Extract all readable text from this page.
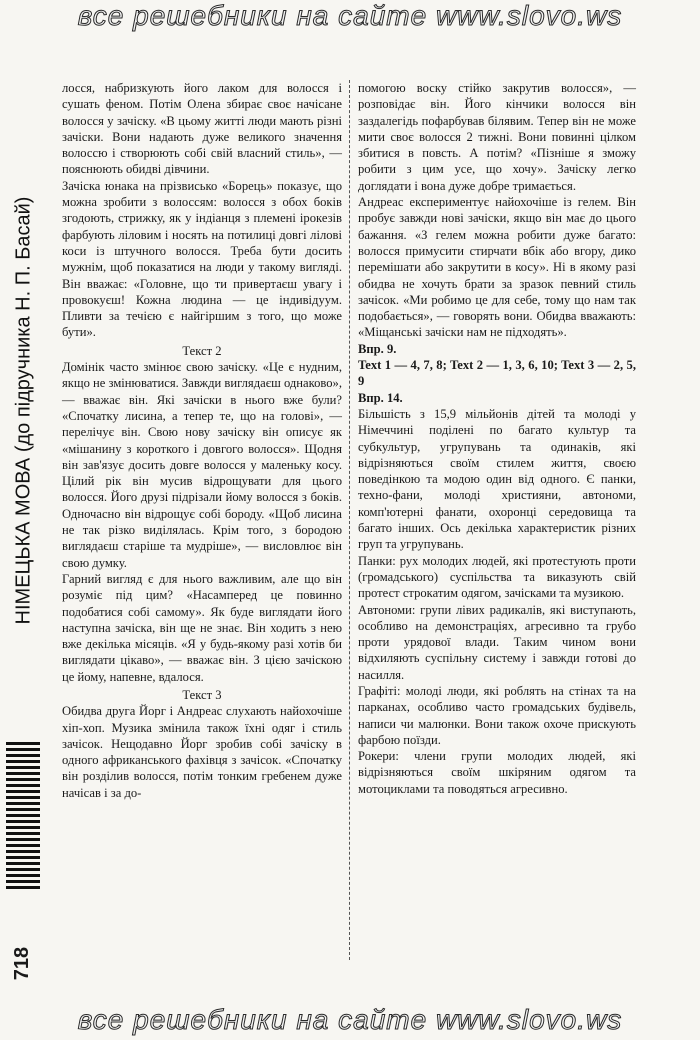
все решебники на сайте www.slovo.ws
НІМЕЦЬКА МОВА (до підручника Н. П. Басай)
718

лосся, набризкують його лаком для волосся і сушать феном. Потім Олена збирає своє начісане волосся у зачіску. «В цьому житті люди мають різні зачіски. Вони надають дуже великого значення волоссю і створюють собі свій власний стиль», — пояснюють обидві дівчини.

Зачіска юнака на прізвисько «Борець» показує, що можна зробити з волоссям: волосся з обох боків згодоють, стрижку, як у індіанця з племені ірокезів фарбують ліловим і носять на потилиці довгі лілові коси із штучного волосся. Треба бути досить мужнім, щоб показатися на люди у такому вигляді. Він вважає: «Головне, що ти привертаєш увагу і провокуєш! Кожна людина — це індивідуум. Пливти за течією є найгіршим з того, що може бути».

Текст 2

Домінік часто змінює свою зачіску. «Це є нудним, якщо не змінюватися. Завжди виглядаєш однаково», — вважає він. Які зачіски в нього вже були? «Спочатку лисина, а тепер те, що на голові», — перелічує він. Свою нову зачіску він описує як «мішанину з короткого і довгого волосся». Щодня він зав'язує досить довге волосся у маленьку косу. Цілий рік він мусив відрощувати для цього волосся. Його друзі підрізали йому волосся з боків. Одночасно він відрощує собі бороду. «Щоб лисина не так різко виділялась. Крім того, з бородою виглядаєш старіше та мудріше», — висловлює він свою думку.

Гарний вигляд є для нього важливим, але що він розуміє під цим? «Насамперед це повинно подобатися собі самому». Як буде виглядати його наступна зачіска, він ще не знає. Він ходить з нею вже декілька місяців. «Я у будь-якому разі хотів би виглядати цікаво», — вважає він. З цією зачіскою це йому, напевне, вдалося.

Текст 3

Обидва друга Йорг і Андреас слухають найохочіше хіп-хоп. Музика змінила також їхні одяг і стиль зачісок. Нещодавно Йорг зробив собі зачіску в одного африканського фахівця з зачісок. «Спочатку він розділив волосся, потім тонким гребенем дуже начісав і за до-

помогою воску стійко закрутив волосся», — розповідає він. Його кінчики волосся він заздалегідь пофарбував білявим. Тепер він не може мити своє волосся 2 тижні. Вони повинні цілком збитися в повсть. А потім? «Пізніше я зможу робити з цим усе, що хочу». Зачіску легко доглядати і вона дуже добре тримається.

Андреас експериментує найохочіше із гелем. Він пробує завжди нові зачіски, якщо він має до цього бажання. «З гелем можна робити дуже багато: волосся примусити стирчати вбік або вгору, дико перемішати або закрутити в косу». Ні в якому разі обидва не хочуть брати за зразок певний стиль зачісок. «Ми робимо це для себе, тому що нам так подобається», — говорять вони. Обидва вважають: «Міщанські зачіски нам не підходять».

Впр. 9.

Text 1 — 4, 7, 8; Text 2 — 1, 3, 6, 10; Text 3 — 2, 5, 9

Впр. 14.

Більшість з 15,9 мільйонів дітей та молоді у Німеччині поділені по багато культур та субкультур, угрупувань та одинаків, які відрізняються своїм стилем життя, своєю поведінкою та модою один від одного. Є панки, техно-фани, молоді християни, автономи, комп'ютерні фанати, охоронці середовища та багато інших. Ось декілька характеристик різних груп та угрупувань.

Панки: рух молодих людей, які протестують проти (громадського) суспільства та виказують свій протест строкатим одягом, зачісками та музикою.

Автономи: групи лівих радикалів, які виступають, особливо на демонстраціях, агресивно та грубо проти урядової влади. Таким чином вони відхиляють суспільну систему і завжди готові до насилля.

Графіті: молоді люди, які роблять на стінах та на парканах, особливо часто громадських будівель, написи чи малюнки. Вони також охоче прискують фарбою поїзди.

Рокери: члени групи молодих людей, які відрізняються своїм шкіряним одягом та мотоциклами та поводяться агресивно.

все решебники на сайте www.slovo.ws
